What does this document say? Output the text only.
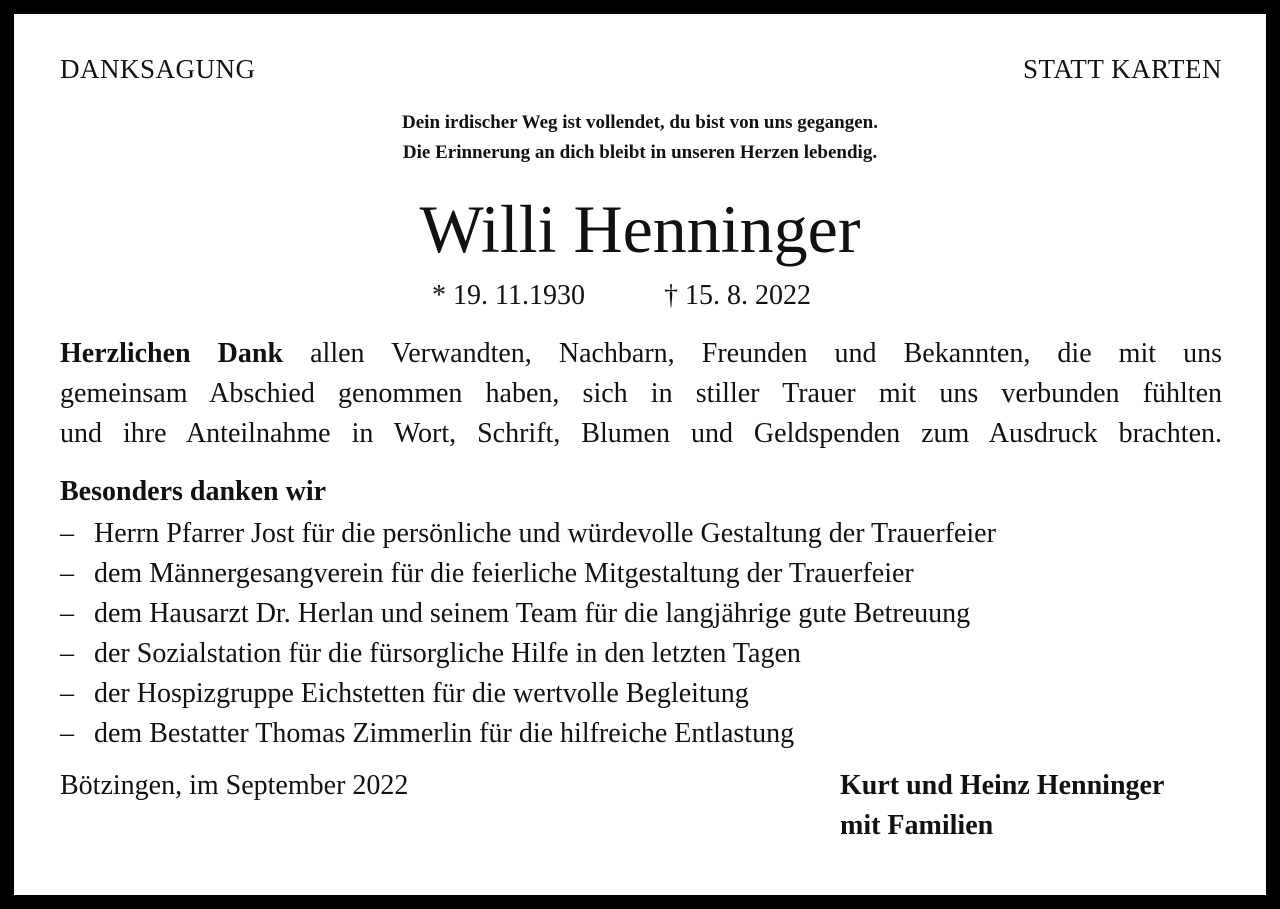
DANKSAGUNG	STATT KARTEN
Dein irdischer Weg ist vollendet, du bist von uns gegangen.
Die Erinnerung an dich bleibt in unseren Herzen lebendig.
Willi Henninger
* 19. 11.1930	† 15. 8. 2022
Herzlichen Dank allen Verwandten, Nachbarn, Freunden und Bekannten, die mit uns
gemeinsam Abschied genommen haben, sich in stiller Trauer mit uns verbunden fühlten
und ihre Anteilnahme in Wort, Schrift, Blumen und Geldspenden zum Ausdruck brachten.
Besonders danken wir
– Herrn Pfarrer Jost für die persönliche und würdevolle Gestaltung der Trauerfeier
– dem Männergesangverein für die feierliche Mitgestaltung der Trauerfeier
– dem Hausarzt Dr. Herlan und seinem Team für die langjährige gute Betreuung
– der Sozialstation für die fürsorgliche Hilfe in den letzten Tagen
– der Hospizgruppe Eichstetten für die wertvolle Begleitung
– dem Bestatter Thomas Zimmerlin für die hilfreiche Entlastung
Bötzingen, im September 2022	Kurt und Heinz Henninger
mit Familien
